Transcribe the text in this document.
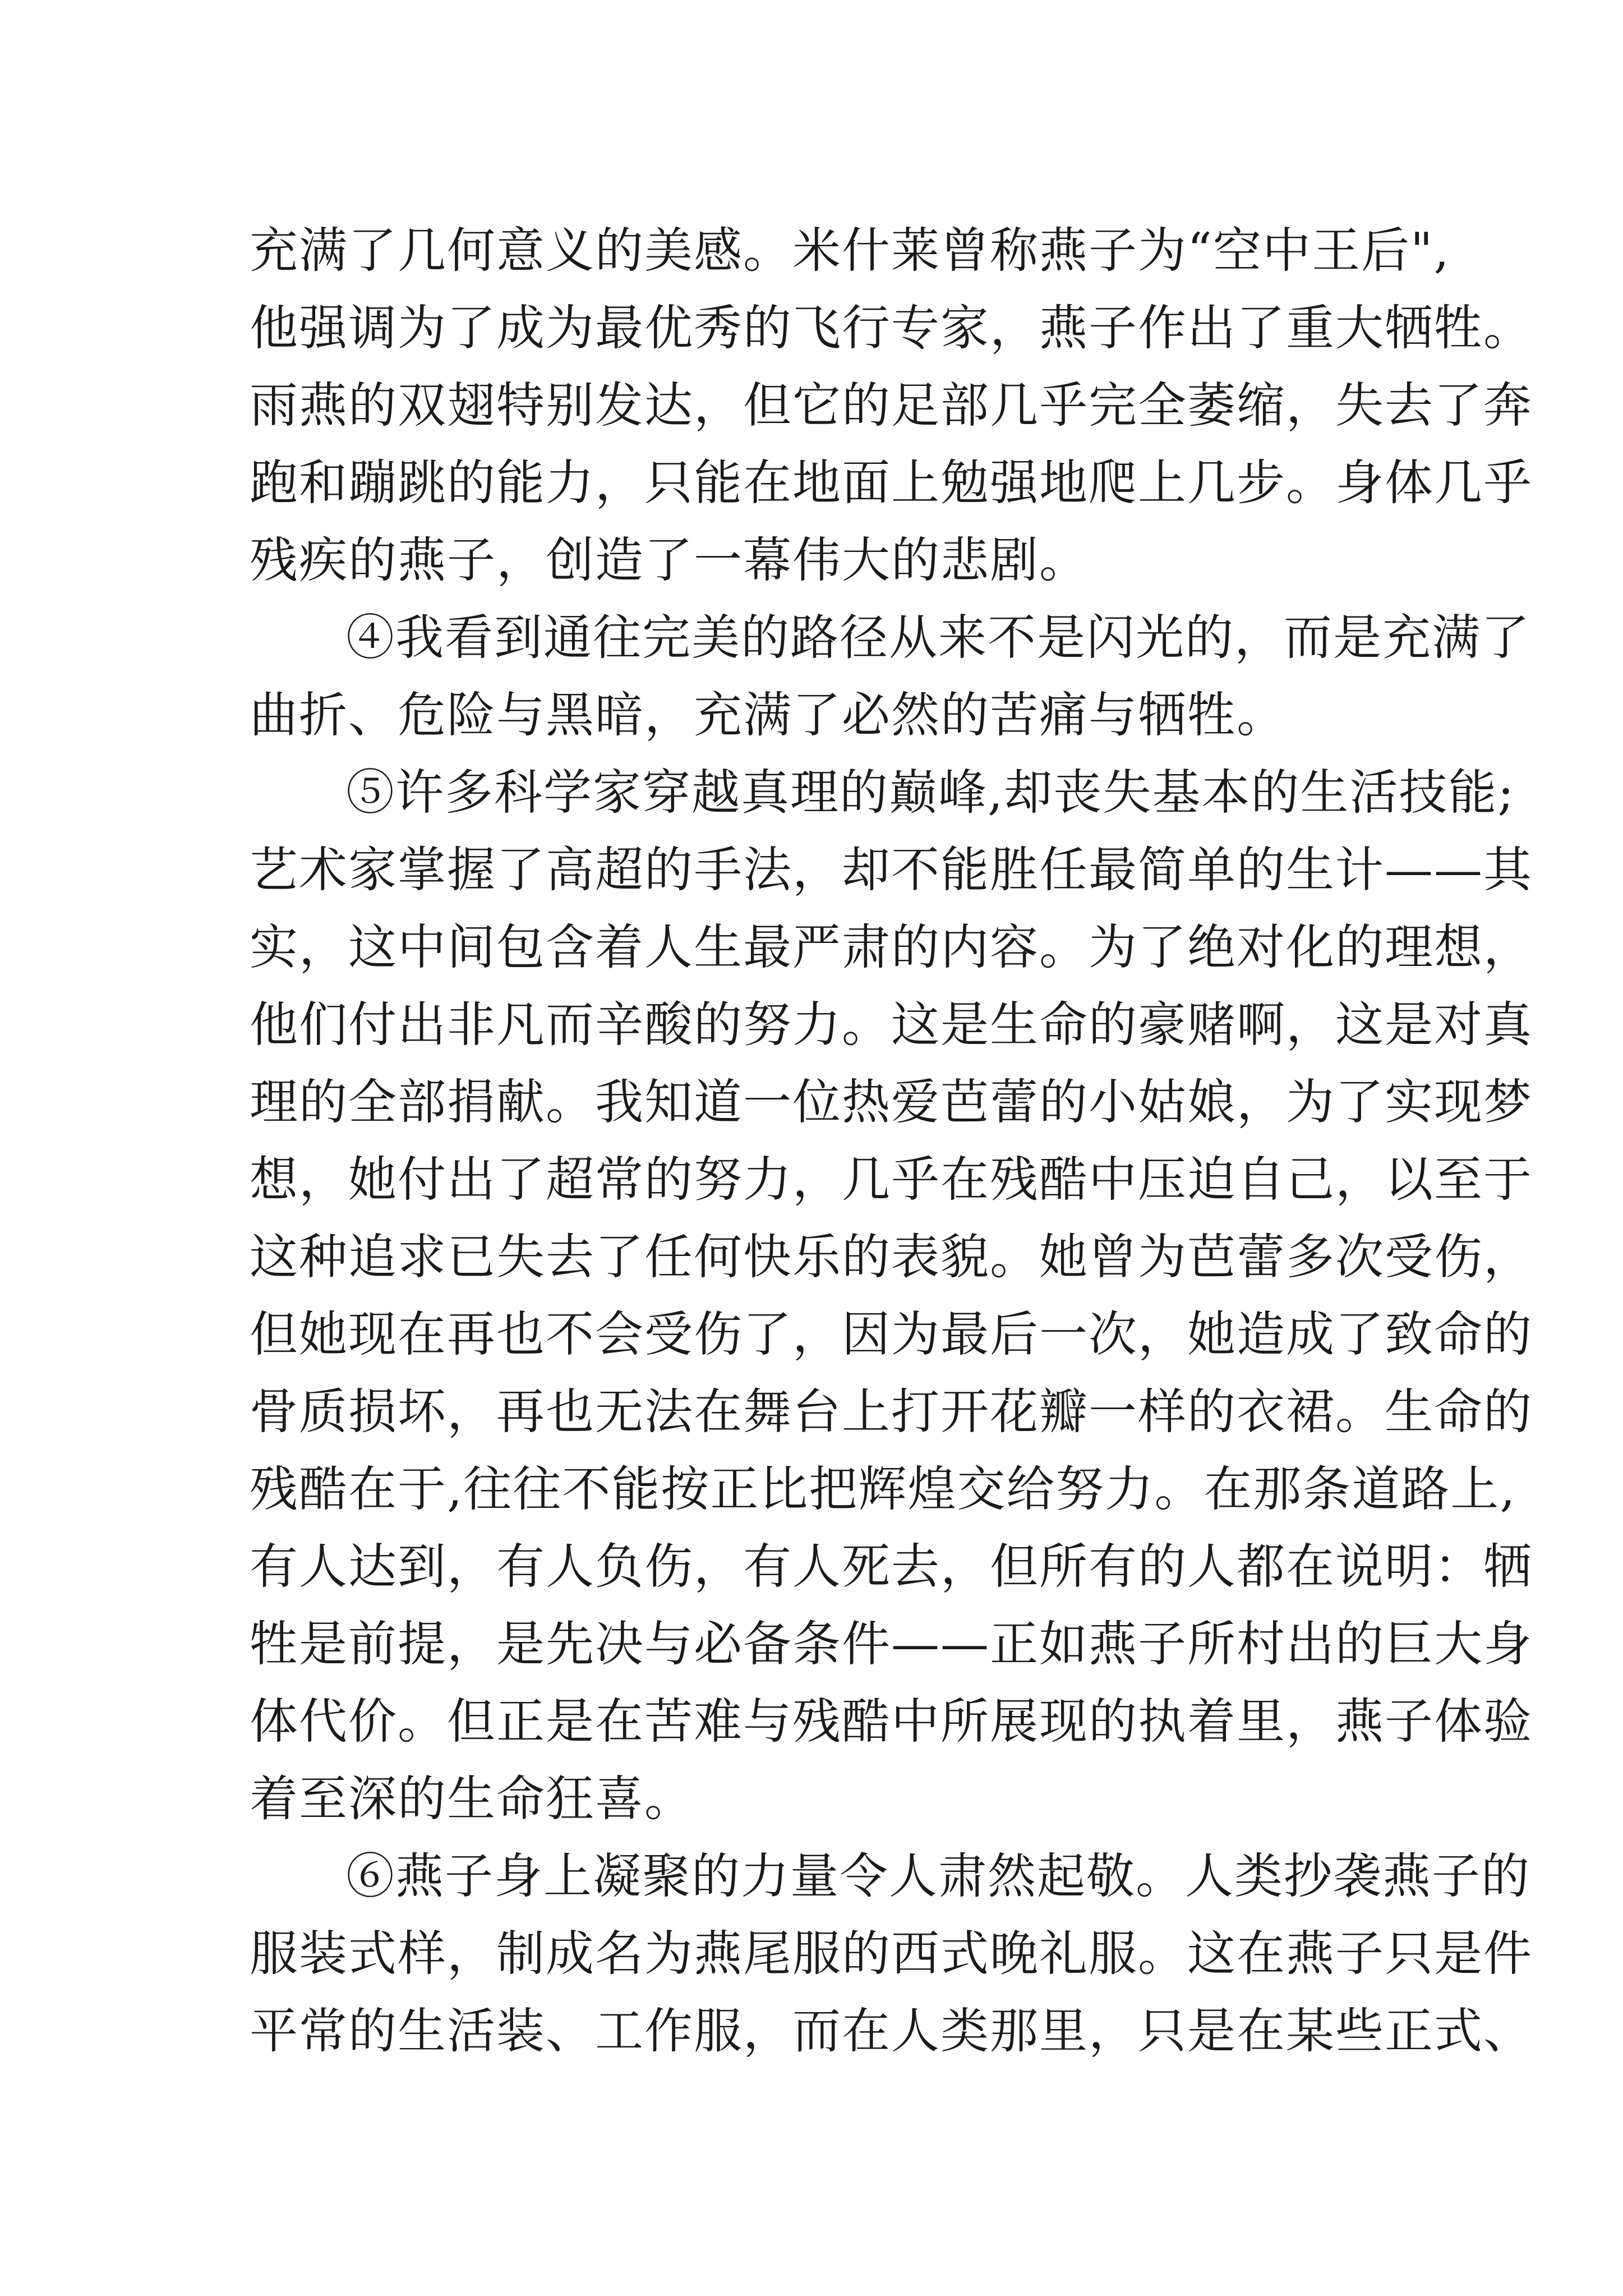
充满了几何意义的美感。米什莱曾称燕子为“空中王后",
他强调为了成为最优秀的飞行专家，燕子作出了重大牺牲。
雨燕的双翅特别发达，但它的足部几乎完全萎缩，失去了奔
跑和蹦跳的能力，只能在地面上勉强地爬上几步。身体几乎
残疾的燕子，创造了一幕伟大的悲剧。
④我看到通往完美的路径从来不是闪光的，而是充满了
曲折、危险与黑暗，充满了必然的苦痛与牺牲。
⑤许多科学家穿越真理的巅峰,却丧失基本的生活技能;
艺术家掌握了高超的手法，却不能胜任最简单的生计——其
实，这中间包含着人生最严肃的内容。为了绝对化的理想，
他们付出非凡而辛酸的努力。这是生命的豪赌啊，这是对真
理的全部捐献。我知道一位热爱芭蕾的小姑娘，为了实现梦
想，她付出了超常的努力，几乎在残酷中压迫自己，以至于
这种追求已失去了任何快乐的表貌。她曾为芭蕾多次受伤，
但她现在再也不会受伤了，因为最后一次，她造成了致命的
骨质损坏，再也无法在舞台上打开花瓣一样的衣裙。生命的
残酷在于,往往不能按正比把辉煌交给努力。在那条道路上,
有人达到，有人负伤，有人死去，但所有的人都在说明：牺
牲是前提，是先决与必备条件——正如燕子所村出的巨大身
体代价。但正是在苦难与残酷中所展现的执着里，燕子体验
着至深的生命狂喜。
⑥燕子身上凝聚的力量令人肃然起敬。人类抄袭燕子的
服装式样，制成名为燕尾服的西式晚礼服。这在燕子只是件
平常的生活装、工作服，而在人类那里，只是在某些正式、
